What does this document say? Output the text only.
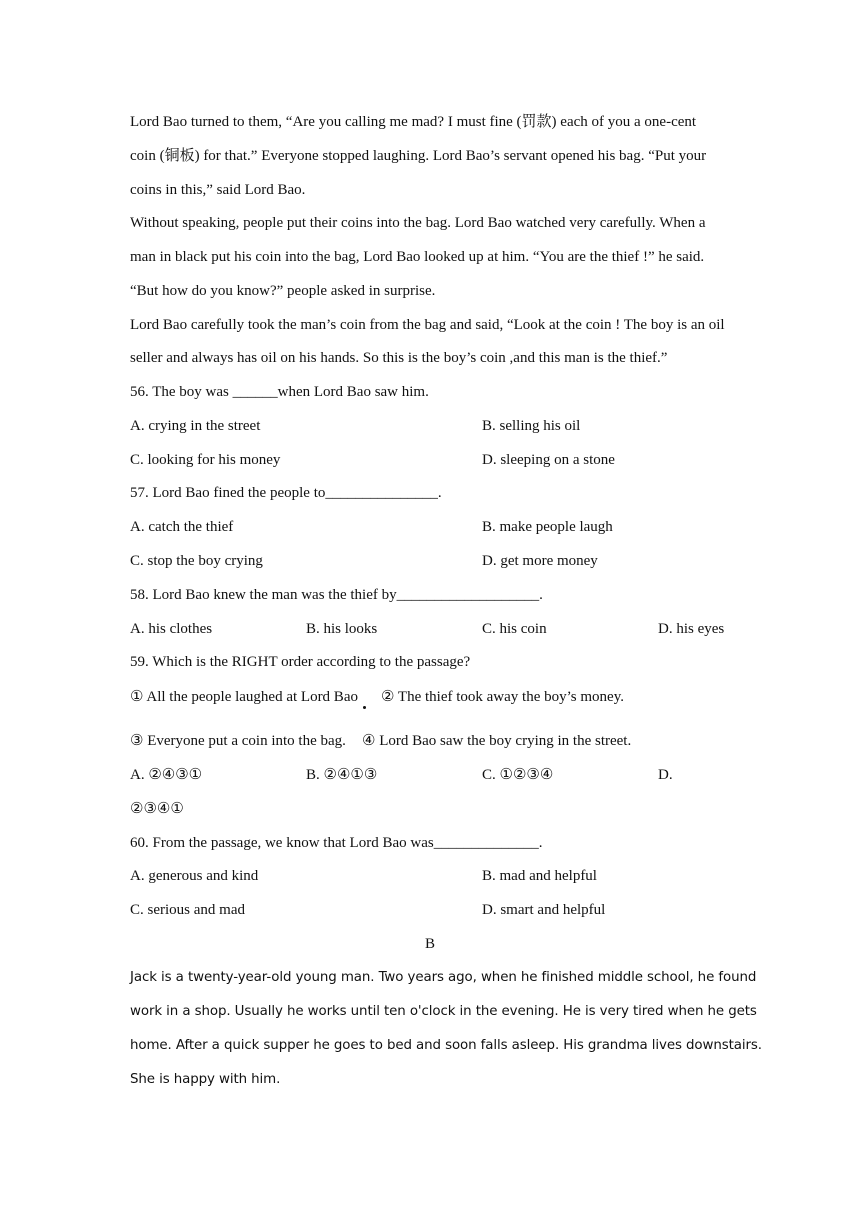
Lord Bao turned to them, “Are you calling me mad? I must fine (罚款) each of you a one-cent
coin (铜板) for that.” Everyone stopped laughing. Lord Bao’s servant opened his bag. “Put your
coins in this,” said Lord Bao.
Without speaking, people put their coins into the bag. Lord Bao watched very carefully. When a
man in black put his coin into the bag, Lord Bao looked up at him. “You are the thief !” he said.
“But how do you know?” people asked in surprise.
Lord Bao carefully took the man’s coin from the bag and said, “Look at the coin ! The boy is an oil
seller and always has oil on his hands. So this is the boy’s coin ,and this man is the thief.”
56. The boy was ______when Lord Bao saw him.
A. crying in the street	B. selling his oil
C. looking for his money	D. sleeping on a stone
57. Lord Bao fined the people to_______________.
A. catch the thief	B. make people laugh
C. stop the boy crying	D. get more money
58. Lord Bao knew the man was the thief by___________________.
A. his clothes	B. his looks	C. his coin	D. his eyes
59. Which is the RIGHT order according to the passage?
① All the people laughed at Lord Bao ② The thief took away the boy’s money.
③ Everyone put a coin into the bag. ④ Lord Bao saw the boy crying in the street.
A. ②④③①	B. ②④①③	C. ①②③④	D.
②③④①
60. From the passage, we know that Lord Bao was______________.
A. generous and kind	B. mad and helpful
C. serious and mad	D. smart and helpful
B
Jack is a twenty-year-old young man. Two years ago, when he finished middle school, he found
work in a shop. Usually he works until ten o'clock in the evening. He is very tired when he gets
home. After a quick supper he goes to bed and soon falls asleep. His grandma lives downstairs.
She is happy with him.
